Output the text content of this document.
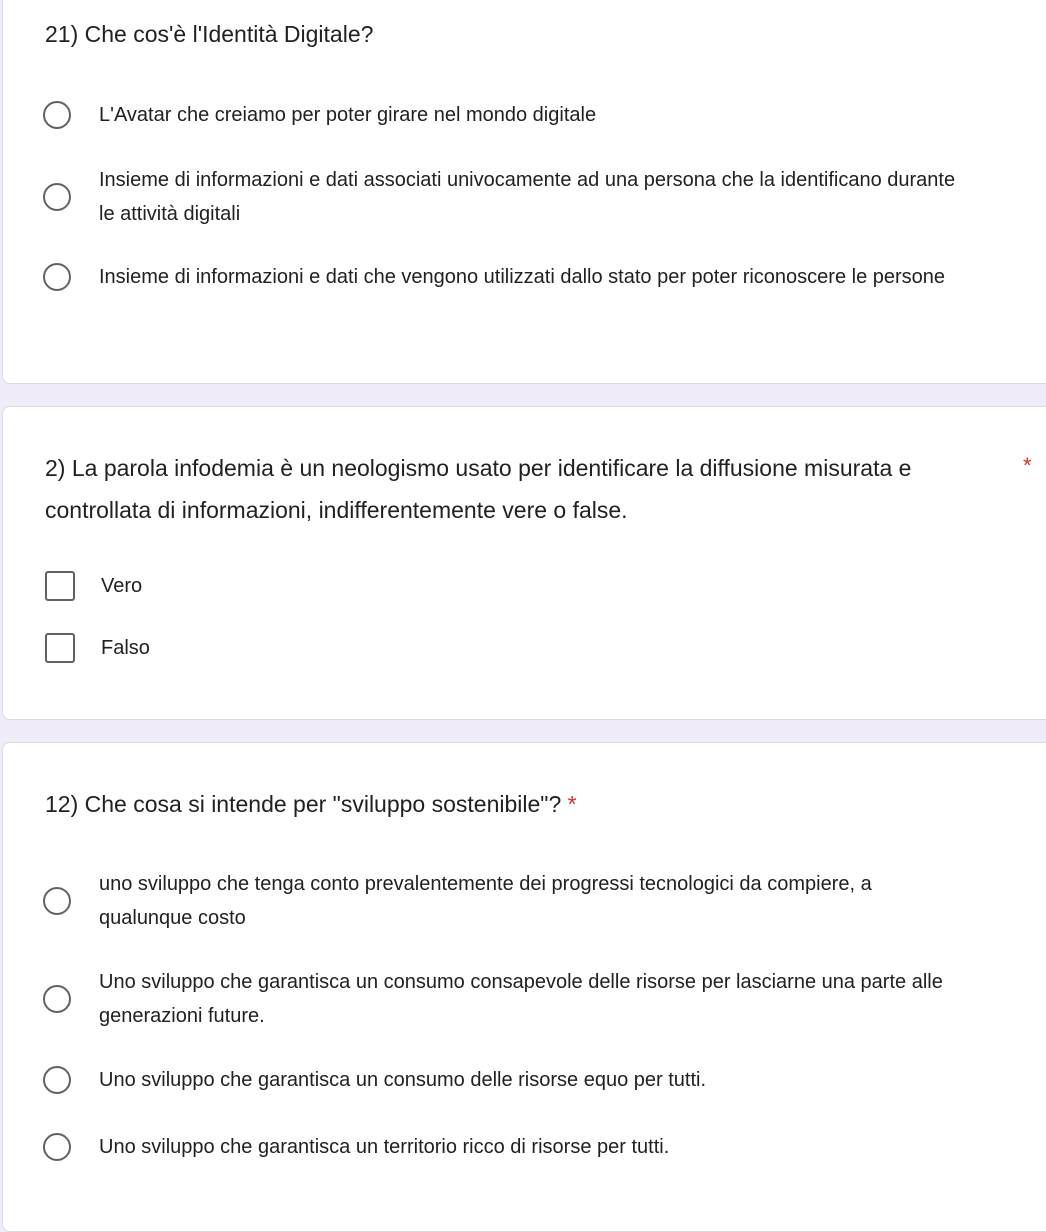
21) Che cos'è l'Identità Digitale?
L'Avatar che creiamo per poter girare nel mondo digitale
Insieme di informazioni e dati associati univocamente ad una persona che la identificano durante le attività digitali
Insieme di informazioni e dati che vengono utilizzati dallo stato per poter riconoscere le persone
2) La parola infodemia è un neologismo usato per identificare la diffusione misurata e controllata di informazioni, indifferentemente vere o false.
*
Vero
Falso
12) Che cosa si intende per "sviluppo sostenibile"? *
uno sviluppo che tenga conto prevalentemente dei progressi tecnologici da compiere, a qualunque costo
Uno sviluppo che garantisca un consumo consapevole delle risorse per lasciarne una parte alle generazioni future.
Uno sviluppo che garantisca un consumo delle risorse equo per tutti.
Uno sviluppo che garantisca un territorio ricco di risorse per tutti.
